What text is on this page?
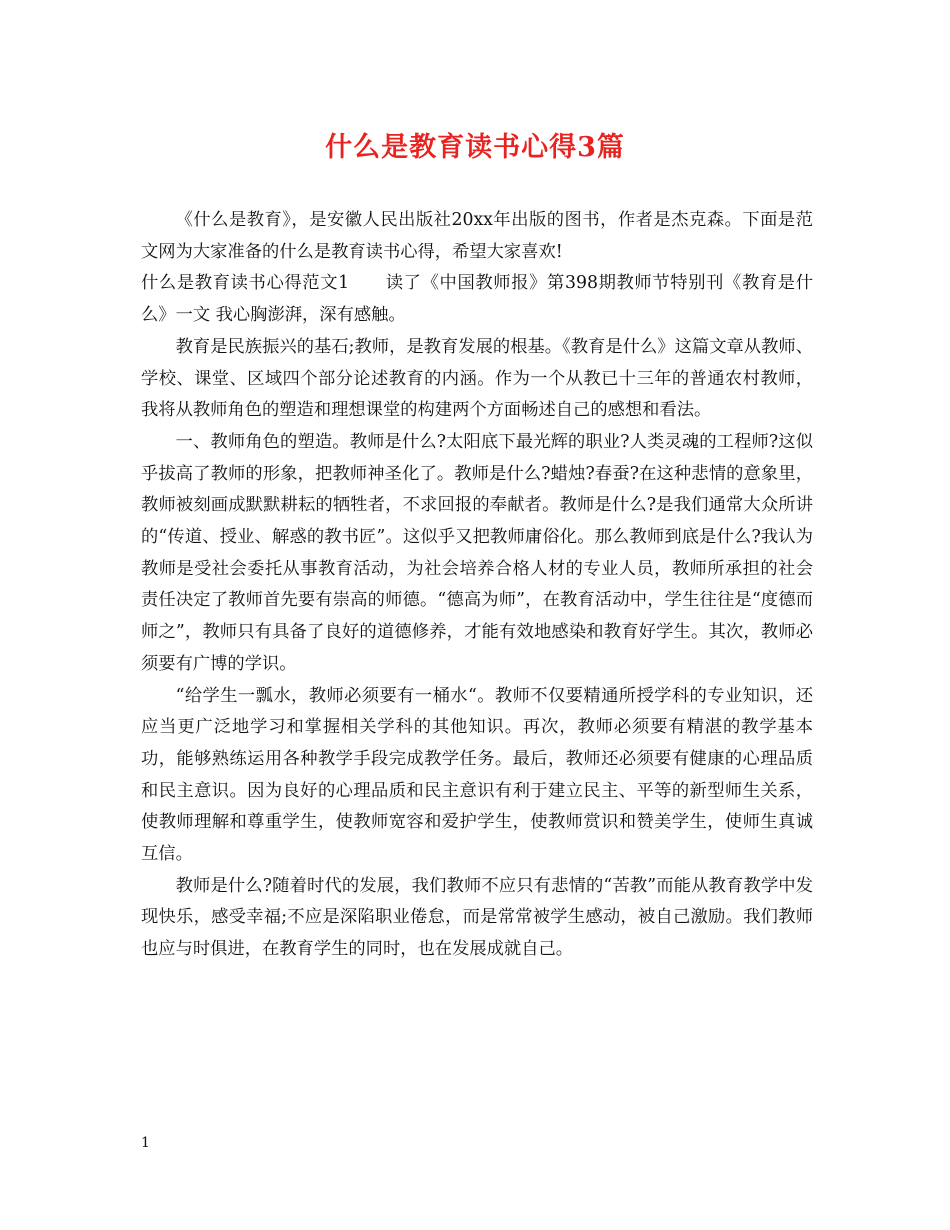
什么是教育读书心得3篇

《什么是教育》，是安徽人民出版社20xx年出版的图书，作者是杰克森。下面是范文网为大家准备的什么是教育读书心得，希望大家喜欢!

什么是教育读书心得范文1 读了《中国教师报》第398期教师节特别刊《教育是什么》一文 我心胸澎湃，深有感触。

教育是民族振兴的基石;教师，是教育发展的根基。《教育是什么》这篇文章从教师、学校、课堂、区域四个部分论述教育的内涵。作为一个从教已十三年的普通农村教师，我将从教师角色的塑造和理想课堂的构建两个方面畅述自己的感想和看法。

一、教师角色的塑造。教师是什么?太阳底下最光辉的职业?人类灵魂的工程师?这似乎拔高了教师的形象，把教师神圣化了。教师是什么?蜡烛?春蚕?在这种悲情的意象里，教师被刻画成默默耕耘的牺牲者，不求回报的奉献者。教师是什么?是我们通常大众所讲的“传道、授业、解惑的教书匠”。这似乎又把教师庸俗化。那么教师到底是什么?我认为教师是受社会委托从事教育活动，为社会培养合格人材的专业人员，教师所承担的社会责任决定了教师首先要有崇高的师德。“德高为师”，在教育活动中，学生往往是“度德而师之”，教师只有具备了良好的道德修养，才能有效地感染和教育好学生。其次，教师必须要有广博的学识。

“给学生一瓢水，教师必须要有一桶水“。教师不仅要精通所授学科的专业知识，还应当更广泛地学习和掌握相关学科的其他知识。再次，教师必须要有精湛的教学基本功，能够熟练运用各种教学手段完成教学任务。最后，教师还必须要有健康的心理品质和民主意识。因为良好的心理品质和民主意识有利于建立民主、平等的新型师生关系，使教师理解和尊重学生，使教师宽容和爱护学生，使教师赏识和赞美学生，使师生真诚互信。

教师是什么?随着时代的发展，我们教师不应只有悲情的“苦教”而能从教育教学中发现快乐，感受幸福;不应是深陷职业倦怠，而是常常被学生感动，被自己激励。我们教师也应与时俱进，在教育学生的同时，也在发展成就自己。

1
